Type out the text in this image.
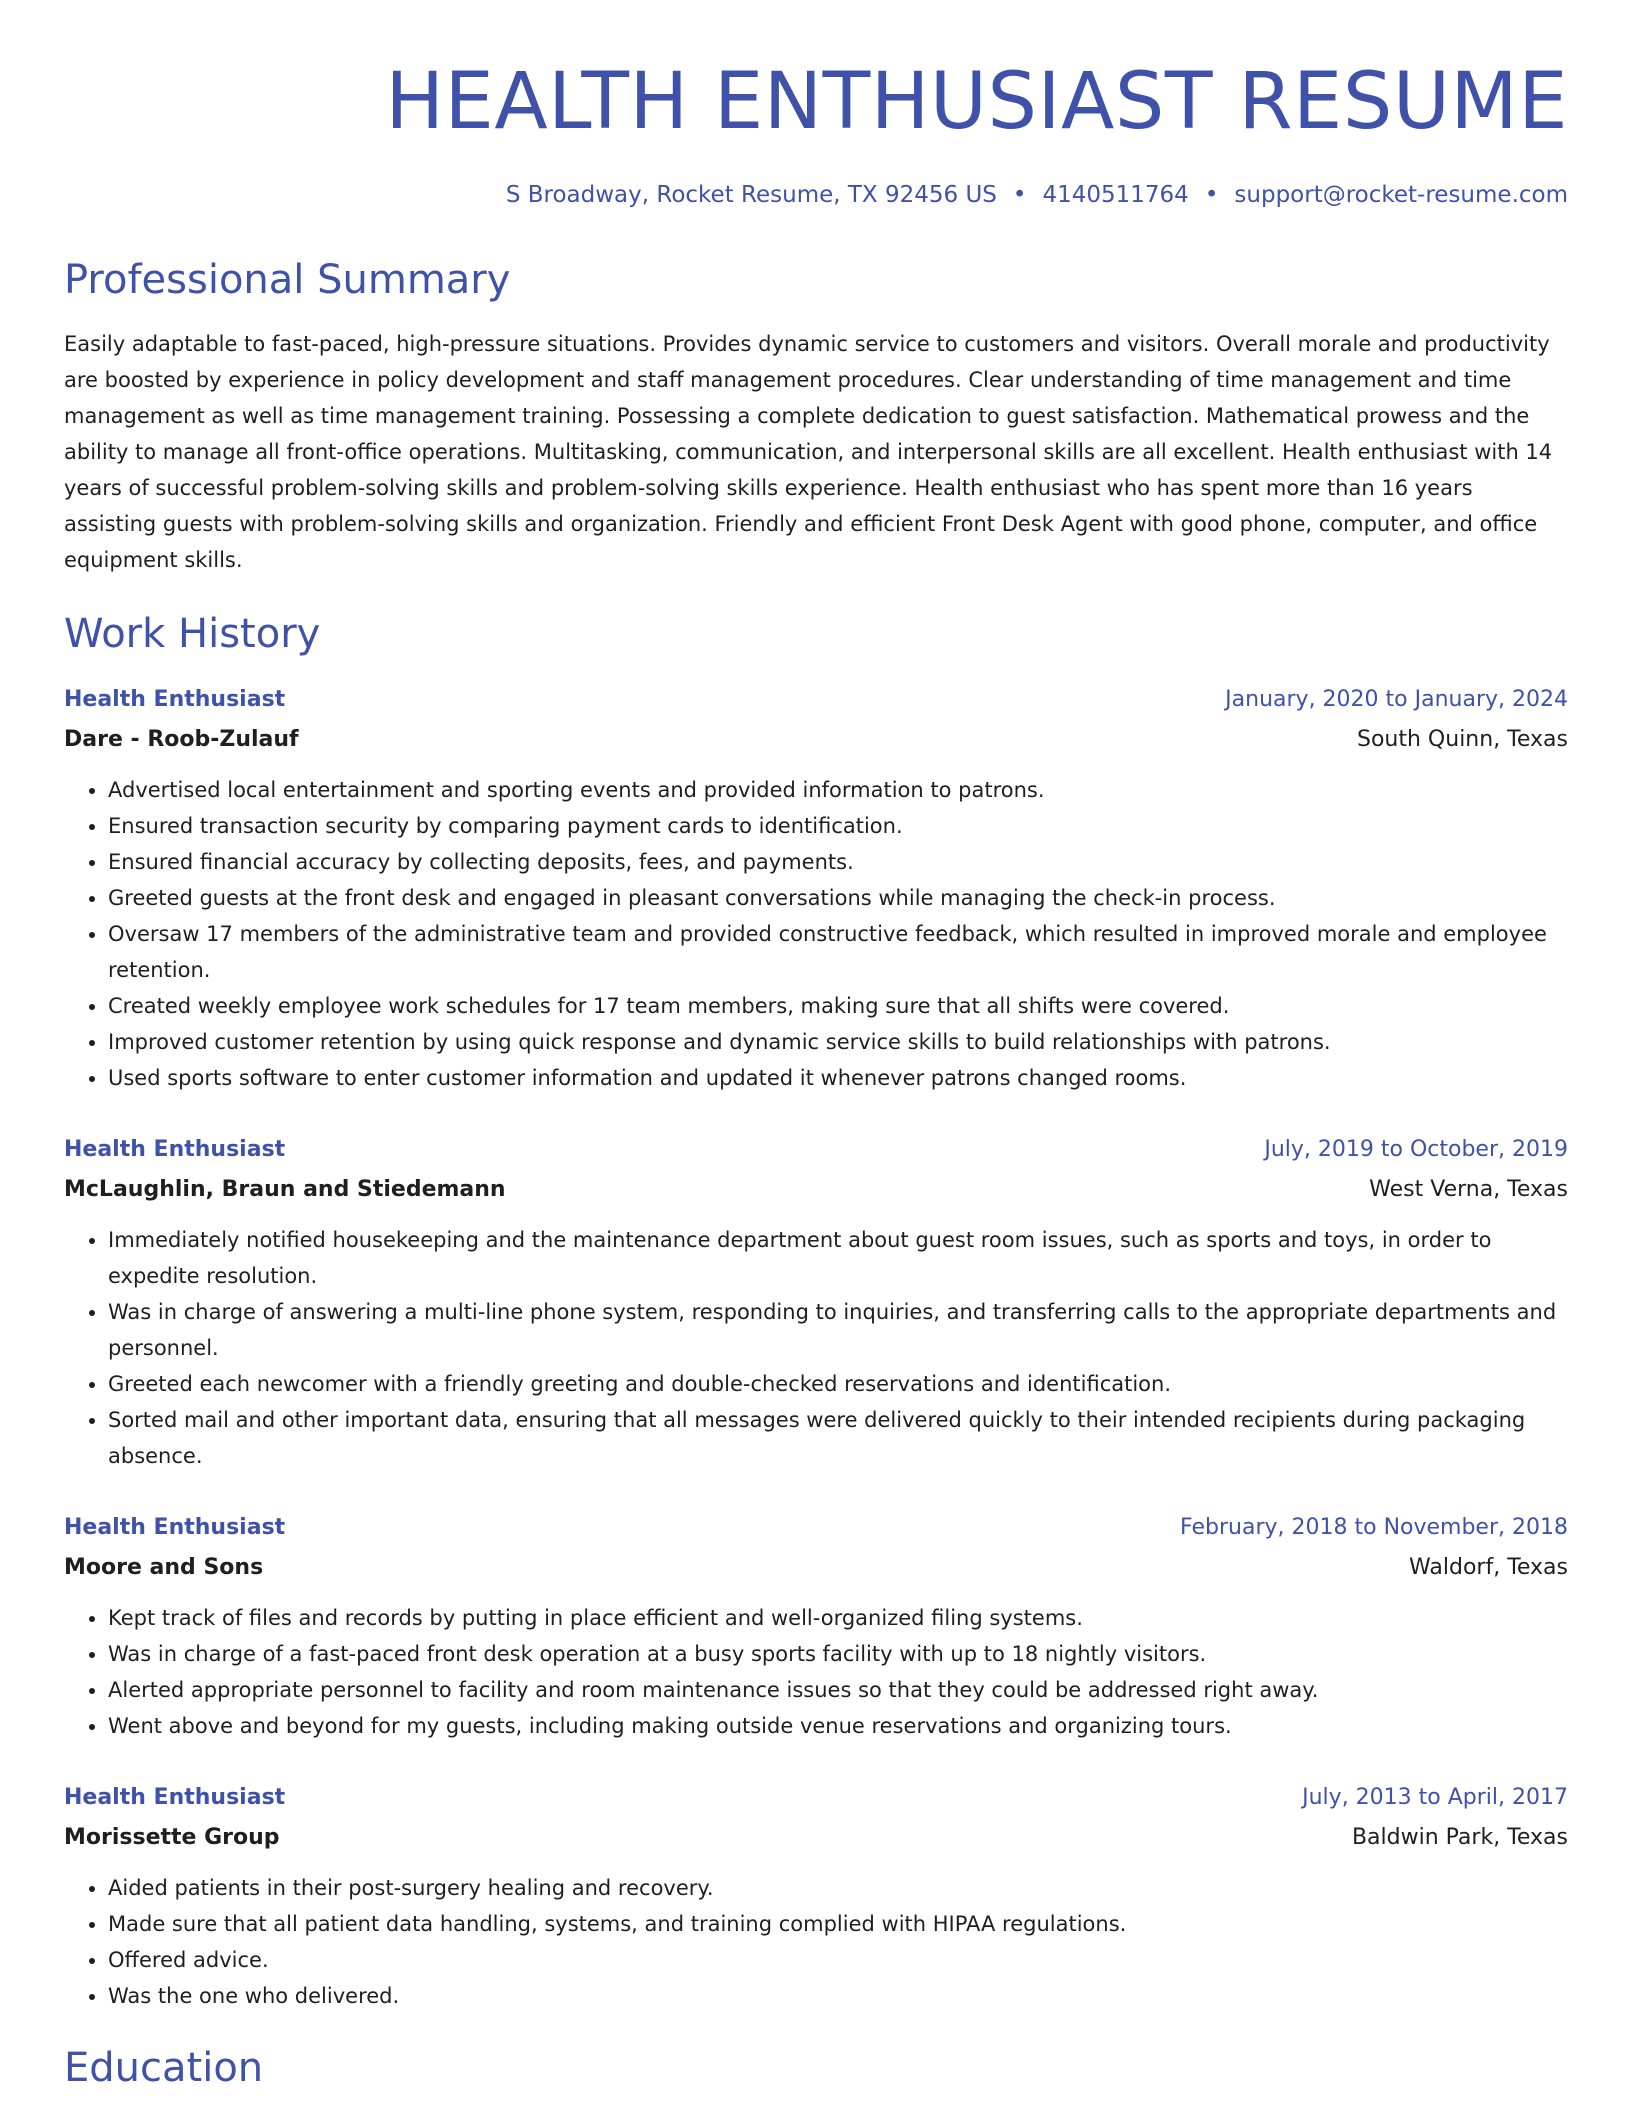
HEALTH ENTHUSIAST RESUME
S Broadway, Rocket Resume, TX 92456 US • 4140511764 • support@rocket-resume.com
Professional Summary

Easily adaptable to fast-paced, high-pressure situations. Provides dynamic service to customers and visitors. Overall morale and productivity are boosted by experience in policy development and staff management procedures. Clear understanding of time management and time management as well as time management training. Possessing a complete dedication to guest satisfaction. Mathematical prowess and the ability to manage all front-office operations. Multitasking, communication, and interpersonal skills are all excellent. Health enthusiast with 14 years of successful problem-solving skills and problem-solving skills experience. Health enthusiast who has spent more than 16 years assisting guests with problem-solving skills and organization. Friendly and efficient Front Desk Agent with good phone, computer, and office equipment skills.

Work History
Health Enthusiast	January, 2020 to January, 2024
Dare - Roob-Zulauf	South Quinn, Texas
• Advertised local entertainment and sporting events and provided information to patrons.
• Ensured transaction security by comparing payment cards to identification.
• Ensured financial accuracy by collecting deposits, fees, and payments.
• Greeted guests at the front desk and engaged in pleasant conversations while managing the check-in process.
• Oversaw 17 members of the administrative team and provided constructive feedback, which resulted in improved morale and employee retention.
• Created weekly employee work schedules for 17 team members, making sure that all shifts were covered.
• Improved customer retention by using quick response and dynamic service skills to build relationships with patrons.
• Used sports software to enter customer information and updated it whenever patrons changed rooms.
Health Enthusiast	July, 2019 to October, 2019
McLaughlin, Braun and Stiedemann	West Verna, Texas
• Immediately notified housekeeping and the maintenance department about guest room issues, such as sports and toys, in order to expedite resolution.
• Was in charge of answering a multi-line phone system, responding to inquiries, and transferring calls to the appropriate departments and personnel.
• Greeted each newcomer with a friendly greeting and double-checked reservations and identification.
• Sorted mail and other important data, ensuring that all messages were delivered quickly to their intended recipients during packaging absence.
Health Enthusiast	February, 2018 to November, 2018
Moore and Sons	Waldorf, Texas
• Kept track of files and records by putting in place efficient and well-organized filing systems.
• Was in charge of a fast-paced front desk operation at a busy sports facility with up to 18 nightly visitors.
• Alerted appropriate personnel to facility and room maintenance issues so that they could be addressed right away.
• Went above and beyond for my guests, including making outside venue reservations and organizing tours.
Health Enthusiast	July, 2013 to April, 2017
Morissette Group	Baldwin Park, Texas
• Aided patients in their post-surgery healing and recovery.
• Made sure that all patient data handling, systems, and training complied with HIPAA regulations.
• Offered advice.
• Was the one who delivered.
Education
